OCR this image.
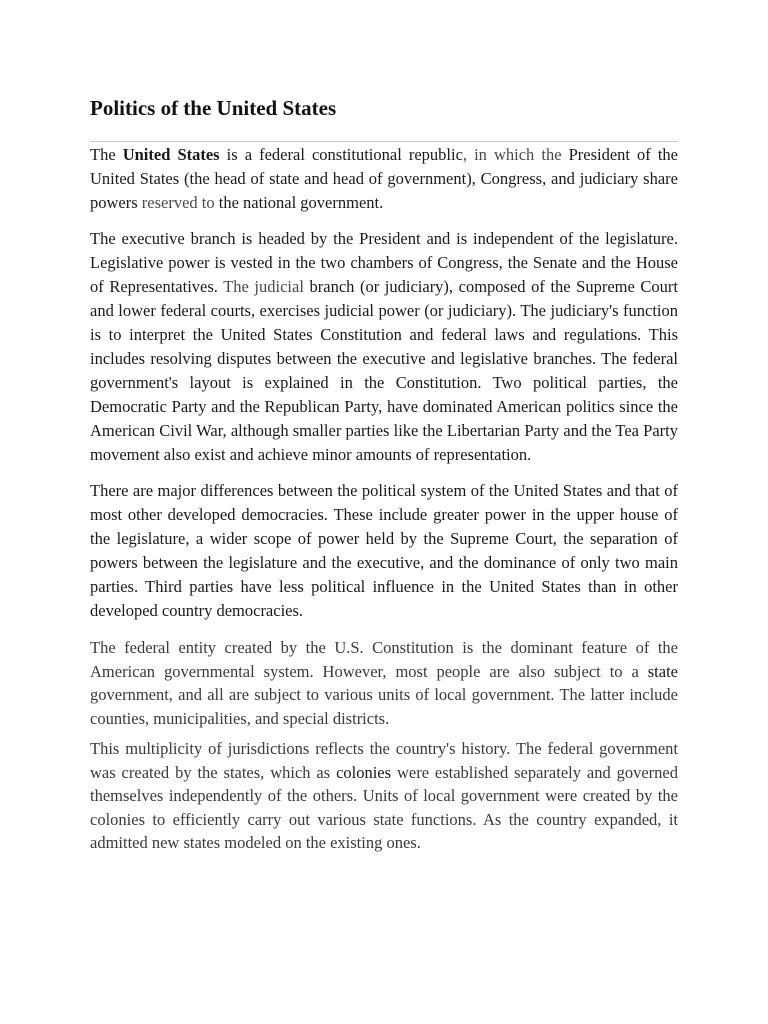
Politics of the United States

The United States is a federal constitutional republic, in which the President of the United States (the head of state and head of government), Congress, and judiciary share powers reserved to the national government.

The executive branch is headed by the President and is independent of the legislature. Legislative power is vested in the two chambers of Congress, the Senate and the House of Representatives. The judicial branch (or judiciary), composed of the Supreme Court and lower federal courts, exercises judicial power (or judiciary). The judiciary's function is to interpret the United States Constitution and federal laws and regulations. This includes resolving disputes between the executive and legislative branches. The federal government's layout is explained in the Constitution. Two political parties, the Democratic Party and the Republican Party, have dominated American politics since the American Civil War, although smaller parties like the Libertarian Party and the Tea Party movement also exist and achieve minor amounts of representation.

There are major differences between the political system of the United States and that of most other developed democracies. These include greater power in the upper house of the legislature, a wider scope of power held by the Supreme Court, the separation of powers between the legislature and the executive, and the dominance of only two main parties. Third parties have less political influence in the United States than in other developed country democracies.

The federal entity created by the U.S. Constitution is the dominant feature of the American governmental system. However, most people are also subject to a state government, and all are subject to various units of local government. The latter include counties, municipalities, and special districts.

This multiplicity of jurisdictions reflects the country's history. The federal government was created by the states, which as colonies were established separately and governed themselves independently of the others. Units of local government were created by the colonies to efficiently carry out various state functions. As the country expanded, it admitted new states modeled on the existing ones.
